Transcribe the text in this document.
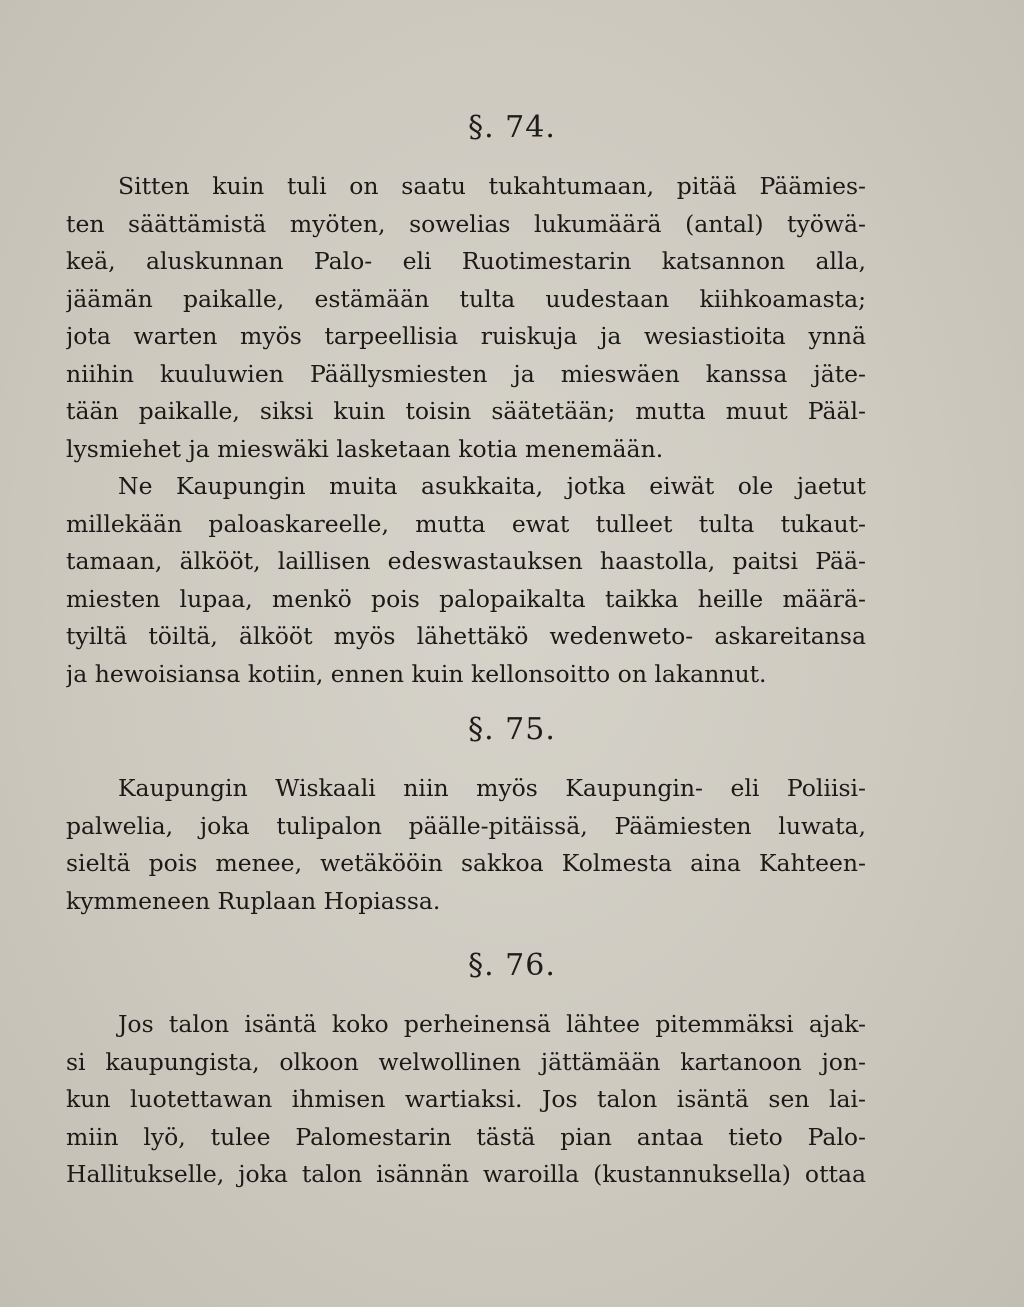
§. 74.
Sitten kuin tuli on saatu tukahtumaan, pitää Päämies-
ten säättämistä myöten, sowelias lukumäärä (antal) työwä-
keä, aluskunnan Palo- eli Ruotimestarin katsannon alla,
jäämän paikalle, estämään tulta uudestaan kiihkoamasta;
jota warten myös tarpeellisia ruiskuja ja wesiastioita ynnä
niihin kuuluwien Päällysmiesten ja mieswäen kanssa jäte-
tään paikalle, siksi kuin toisin säätetään; mutta muut Pääl-
lysmiehet ja mieswäki lasketaan kotia menemään.
Ne Kaupungin muita asukkaita, jotka eiwät ole jaetut
millekään paloaskareelle, mutta ewat tulleet tulta tukaut-
tamaan, älkööt, laillisen edeswastauksen haastolla, paitsi Pää-
miesten lupaa, menkö pois palopaikalta taikka heille määrä-
tyiltä töiltä, älkööt myös lähettäkö wedenweto- askareitansa
ja hewoisiansa kotiin, ennen kuin kellonsoitto on lakannut.
§. 75.
Kaupungin Wiskaali niin myös Kaupungin- eli Poliisi-
palwelia, joka tulipalon päälle-pitäissä, Päämiesten luwata,
sieltä pois menee, wetäkööin sakkoa Kolmesta aina Kahteen-
kymmeneen Ruplaan Hopiassa.
§. 76.
Jos talon isäntä koko perheinensä lähtee pitemmäksi ajak-
si kaupungista, olkoon welwollinen jättämään kartanoon jon-
kun luotettawan ihmisen wartiaksi. Jos talon isäntä sen lai-
miin lyö, tulee Palomestarin tästä pian antaa tieto Palo-
Hallitukselle, joka talon isännän waroilla (kustannuksella) ottaa
